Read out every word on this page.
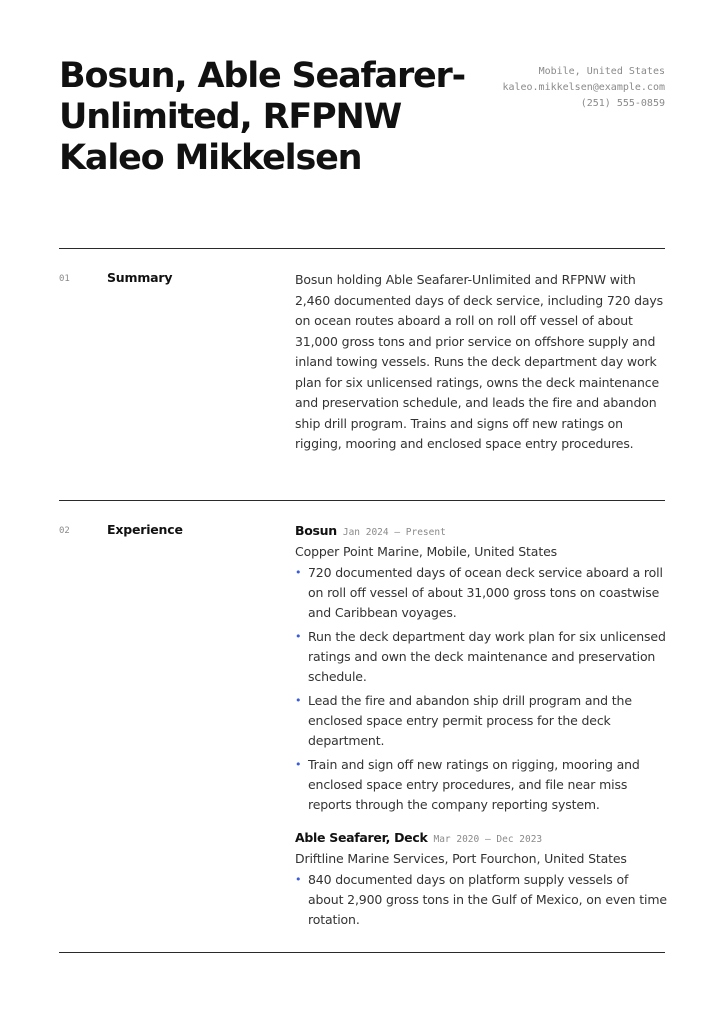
Bosun, Able Seafarer-Unlimited, RFPNW Kaleo Mikkelsen
Mobile, United States
kaleo.mikkelsen@example.com
(251) 555-0859
01	Summary	Bosun holding Able Seafarer-Unlimited and RFPNW with 2,460 documented days of deck service, including 720 days on ocean routes aboard a roll on roll off vessel of about 31,000 gross tons and prior service on offshore supply and inland towing vessels. Runs the deck department day work plan for six unlicensed ratings, owns the deck maintenance and preservation schedule, and leads the fire and abandon ship drill program. Trains and signs off new ratings on rigging, mooring and enclosed space entry procedures.

02	Experience	Bosun Jan 2024 – Present
Copper Point Marine, Mobile, United States
• 720 documented days of ocean deck service aboard a roll on roll off vessel of about 31,000 gross tons on coastwise and Caribbean voyages.
• Run the deck department day work plan for six unlicensed ratings and own the deck maintenance and preservation schedule.
• Lead the fire and abandon ship drill program and the enclosed space entry permit process for the deck department.
• Train and sign off new ratings on rigging, mooring and enclosed space entry procedures, and file near miss reports through the company reporting system.
Able Seafarer, Deck Mar 2020 – Dec 2023
Driftline Marine Services, Port Fourchon, United States
• 840 documented days on platform supply vessels of about 2,900 gross tons in the Gulf of Mexico, on even time rotation.
